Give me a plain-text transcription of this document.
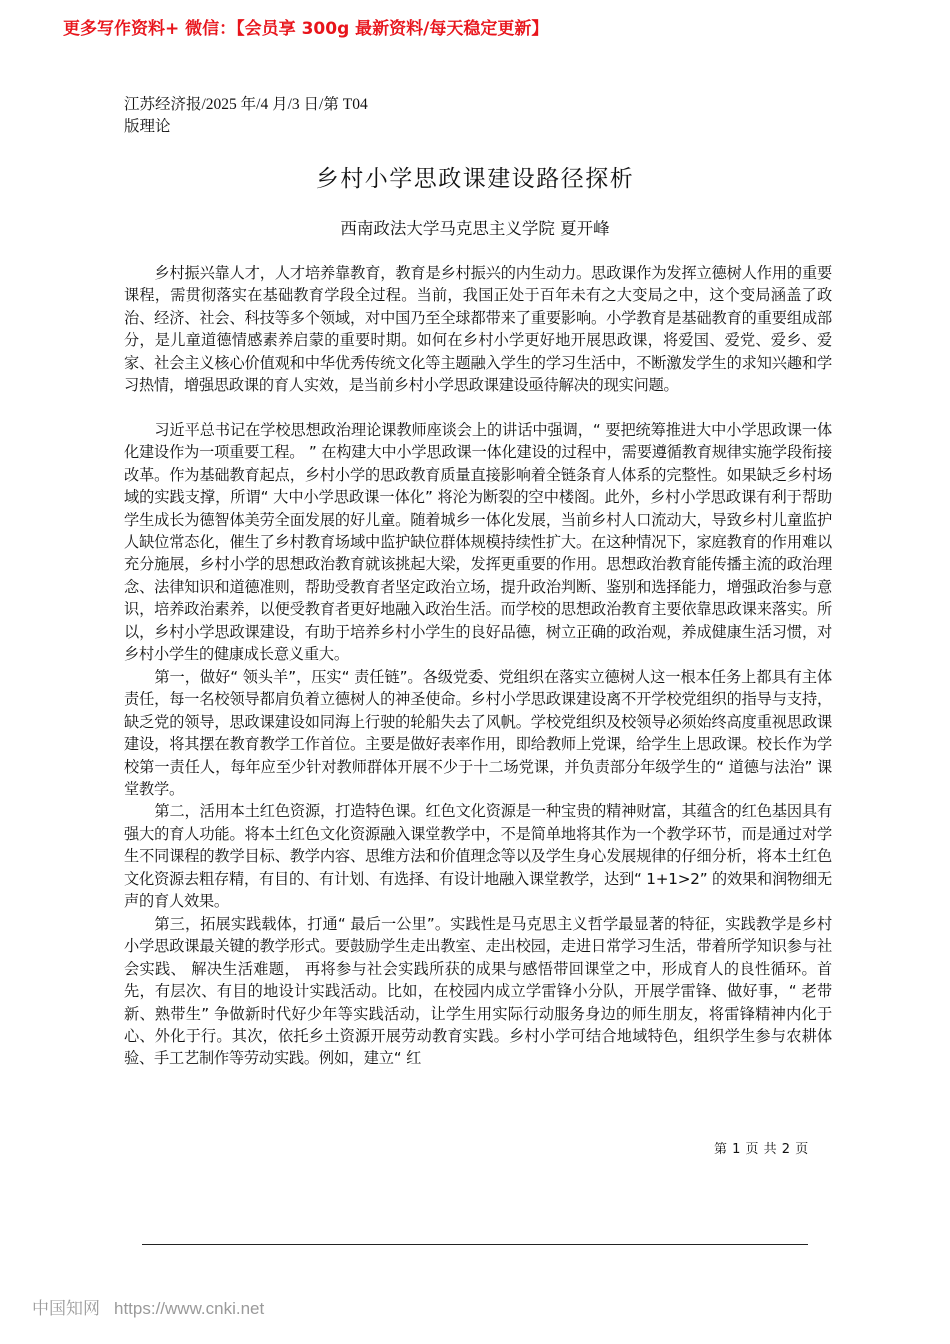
更多写作资料+ 微信：【会员享 300g 最新资料/每天稳定更新】
江苏经济报/2025 年/4 月/3 日/第 T04
版理论
乡村小学思政课建设路径探析
西南政法大学马克思主义学院 夏开峰

乡村振兴靠人才，人才培养靠教育，教育是乡村振兴的内生动力。思政课作为发挥立德树人作用的重要课程，需贯彻落实在基础教育学段全过程。当前，我国正处于百年未有之大变局之中，这个变局涵盖了政治、经济、社会、科技等多个领域，对中国乃至全球都带来了重要影响。小学教育是基础教育的重要组成部分，是儿童道德情感素养启蒙的重要时期。如何在乡村小学更好地开展思政课，将爱国、爱党、爱乡、爱家、社会主义核心价值观和中华优秀传统文化等主题融入学生的学习生活中，不断激发学生的求知兴趣和学习热情，增强思政课的育人实效，是当前乡村小学思政课建设亟待解决的现实问题。

习近平总书记在学校思想政治理论课教师座谈会上的讲话中强调，“ 要把统筹推进大中小学思政课一体化建设作为一项重要工程。 ” 在构建大中小学思政课一体化建设的过程中，需要遵循教育规律实施学段衔接改革。作为基础教育起点，乡村小学的思政教育质量直接影响着全链条育人体系的完整性。如果缺乏乡村场域的实践支撑，所谓“ 大中小学思政课一体化” 将沦为断裂的空中楼阁。此外，乡村小学思政课有利于帮助学生成长为德智体美劳全面发展的好儿童。随着城乡一体化发展，当前乡村人口流动大，导致乡村儿童监护人缺位常态化，催生了乡村教育场域中监护缺位群体规模持续性扩大。在这种情况下，家庭教育的作用难以充分施展，乡村小学的思想政治教育就该挑起大梁，发挥更重要的作用。思想政治教育能传播主流的政治理念、法律知识和道德准则，帮助受教育者坚定政治立场，提升政治判断、鉴别和选择能力，增强政治参与意识，培养政治素养，以便受教育者更好地融入政治生活。而学校的思想政治教育主要依靠思政课来落实。所以，乡村小学思政课建设，有助于培养乡村小学生的良好品德，树立正确的政治观，养成健康生活习惯，对乡村小学生的健康成长意义重大。

第一，做好“ 领头羊”，压实“ 责任链”。各级党委、党组织在落实立德树人这一根本任务上都具有主体责任，每一名校领导都肩负着立德树人的神圣使命。乡村小学思政课建设离不开学校党组织的指导与支持，缺乏党的领导，思政课建设如同海上行驶的轮船失去了风帆。学校党组织及校领导必须始终高度重视思政课建设，将其摆在教育教学工作首位。主要是做好表率作用，即给教师上党课，给学生上思政课。校长作为学校第一责任人，每年应至少针对教师群体开展不少于十二场党课，并负责部分年级学生的“ 道德与法治” 课堂教学。

第二，活用本土红色资源，打造特色课。红色文化资源是一种宝贵的精神财富，其蕴含的红色基因具有强大的育人功能。将本土红色文化资源融入课堂教学中，不是简单地将其作为一个教学环节，而是通过对学生不同课程的教学目标、教学内容、思维方法和价值理念等以及学生身心发展规律的仔细分析，将本土红色文化资源去粗存精，有目的、有计划、有选择、有设计地融入课堂教学，达到“ 1+1>2” 的效果和润物细无声的育人效果。

第三，拓展实践载体，打通“ 最后一公里”。实践性是马克思主义哲学最显著的特征，实践教学是乡村小学思政课最关键的教学形式。要鼓励学生走出教室、走出校园，走进日常学习生活，带着所学知识参与社会实践、 解决生活难题， 再将参与社会实践所获的成果与感悟带回课堂之中，形成育人的良性循环。首先，有层次、有目的地设计实践活动。比如，在校园内成立学雷锋小分队，开展学雷锋、做好事，“ 老带新、熟带生” 争做新时代好少年等实践活动，让学生用实际行动服务身边的师生朋友，将雷锋精神内化于心、外化于行。其次，依托乡土资源开展劳动教育实践。乡村小学可结合地域特色，组织学生参与农耕体验、手工艺制作等劳动实践。例如，建立“ 红

第 1 页 共 2 页
中国知网 https://www.cnki.net
